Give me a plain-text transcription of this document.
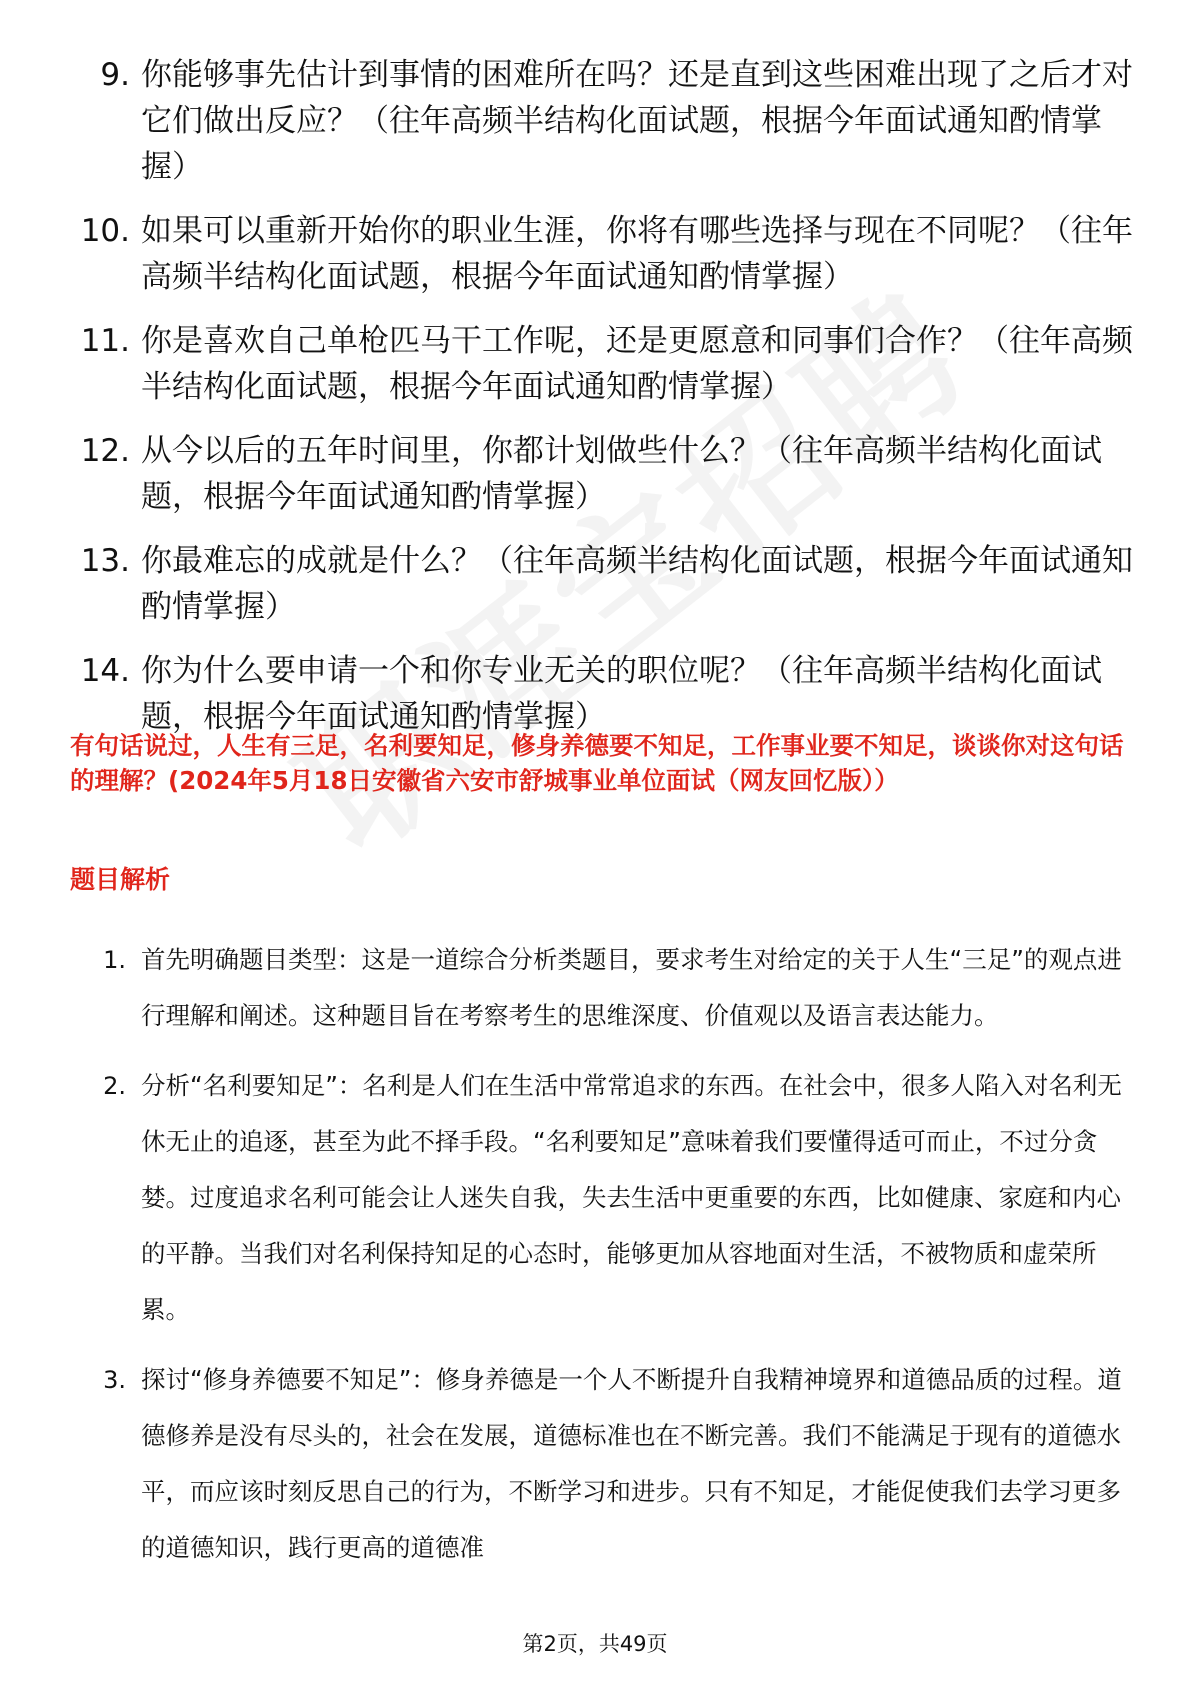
9. 你能够事先估计到事情的困难所在吗？还是直到这些困难出现了之后才对它们做出反应？（往年高频半结构化面试题，根据今年面试通知酌情掌握）
10. 如果可以重新开始你的职业生涯，你将有哪些选择与现在不同呢？（往年高频半结构化面试题，根据今年面试通知酌情掌握）
11. 你是喜欢自己单枪匹马干工作呢，还是更愿意和同事们合作？（往年高频半结构化面试题，根据今年面试通知酌情掌握）
12. 从今以后的五年时间里，你都计划做些什么？（往年高频半结构化面试题，根据今年面试通知酌情掌握）
13. 你最难忘的成就是什么？（往年高频半结构化面试题，根据今年面试通知酌情掌握）
14. 你为什么要申请一个和你专业无关的职位呢？（往年高频半结构化面试题，根据今年面试通知酌情掌握）
有句话说过，人生有三足，名利要知足，修身养德要不知足，工作事业要不知足，谈谈你对这句话的理解？(2024年5月18日安徽省六安市舒城事业单位面试（网友回忆版））
题目解析
1. 首先明确题目类型：这是一道综合分析类题目，要求考生对给定的关于人生“三足”的观点进行理解和阐述。这种题目旨在考察考生的思维深度、价值观以及语言表达能力。
2. 分析“名利要知足”：名利是人们在生活中常常追求的东西。在社会中，很多人陷入对名利无休无止的追逐，甚至为此不择手段。“名利要知足”意味着我们要懂得适可而止，不过分贪婪。过度追求名利可能会让人迷失自我，失去生活中更重要的东西，比如健康、家庭和内心的平静。当我们对名利保持知足的心态时，能够更加从容地面对生活，不被物质和虚荣所累。
3. 探讨“修身养德要不知足”：修身养德是一个人不断提升自我精神境界和道德品质的过程。道德修养是没有尽头的，社会在发展，道德标准也在不断完善。我们不能满足于现有的道德水平，而应该时刻反思自己的行为，不断学习和进步。只有不知足，才能促使我们去学习更多的道德知识，践行更高的道德准
第2页，共49页
